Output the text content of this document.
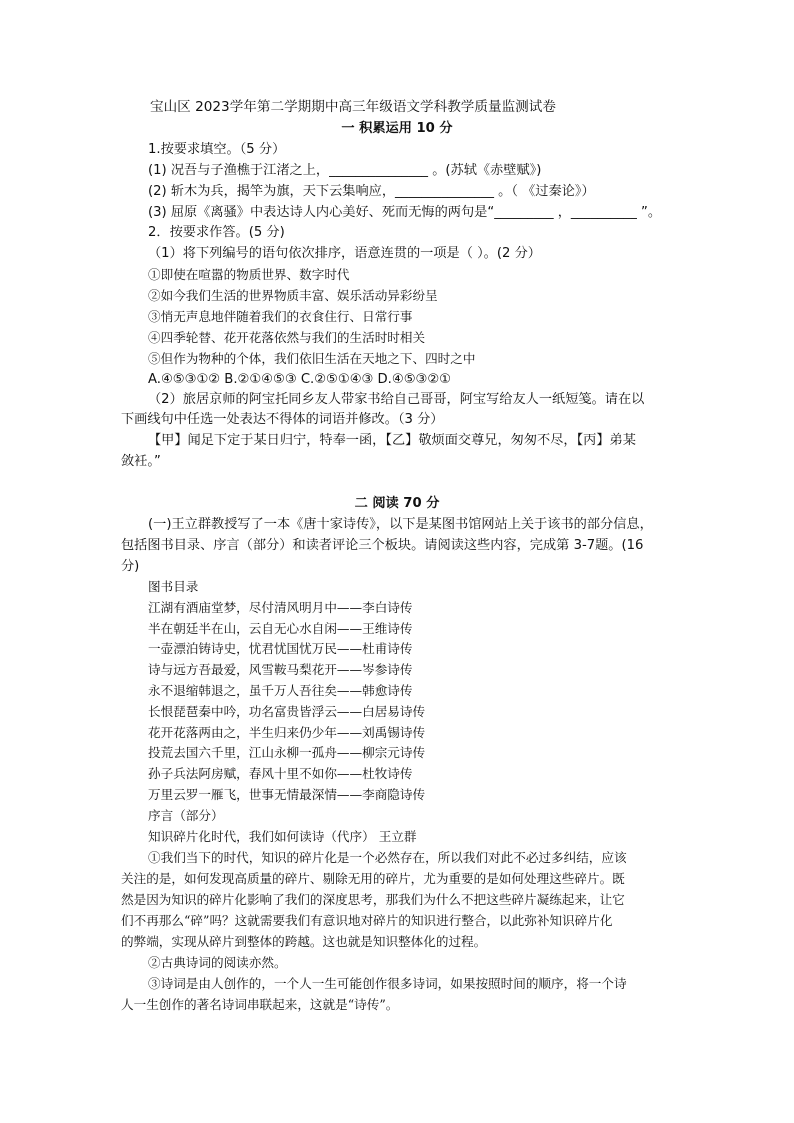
宝山区 2023学年第二学期期中高三年级语文学科教学质量监测试卷
一 积累运用 10 分
1.按要求填空。（5 分）
(1) 况吾与子渔樵于江渚之上，_______________ 。(苏轼《赤壁赋》)
(2) 斩木为兵，揭竿为旗，天下云集响应，_______________ 。（ 《过秦论》）
(3) 屈原《离骚》中表达诗人内心美好、死而无悔的两句是“_________ ，__________ ”。
2．按要求作答。(5 分)
（1）将下列编号的语句依次排序，语意连贯的一项是（ ）。(2 分）
①即使在喧嚣的物质世界、数字时代
②如今我们生活的世界物质丰富、娱乐活动异彩纷呈
③悄无声息地伴随着我们的衣食住行、日常行事
④四季轮替、花开花落依然与我们的生活时时相关
⑤但作为物种的个体，我们依旧生活在天地之下、四时之中
A.④⑤③①② B.②①④⑤③ C.②⑤①④③ D.④⑤③②①
（2）旅居京师的阿宝托同乡友人带家书给自己哥哥，阿宝写给友人一纸短笺。请在以
下画线句中任选一处表达不得体的词语并修改。（3 分）
【甲】闻足下定于某日归宁，特奉一函，【乙】敬烦面交尊兄，匆匆不尽，【丙】弟某
敛衽。”
二 阅读 70 分
(一)王立群教授写了一本《唐十家诗传》，以下是某图书馆网站上关于该书的部分信息，
包括图书目录、序言（部分）和读者评论三个板块。请阅读这些内容，完成第 3-7题。(16
分)
图书目录
江湖有酒庙堂梦，尽付清风明月中——李白诗传
半在朝廷半在山，云自无心水自闲——王维诗传
一壶漂泊铸诗史，忧君忧国忧万民——杜甫诗传
诗与远方吾最爱，风雪鞍马梨花开——岑参诗传
永不退缩韩退之，虽千万人吾往矣——韩愈诗传
长恨琵琶秦中吟，功名富贵皆浮云——白居易诗传
花开花落两由之，半生归来仍少年——刘禹锡诗传
投荒去国六千里，江山永柳一孤舟——柳宗元诗传
孙子兵法阿房赋，春风十里不如你——杜牧诗传
万里云罗一雁飞，世事无情最深情——李商隐诗传
序言（部分）
知识碎片化时代，我们如何读诗（代序） 王立群
①我们当下的时代，知识的碎片化是一个必然存在，所以我们对此不必过多纠结，应该
关注的是，如何发现高质量的碎片、剔除无用的碎片，尤为重要的是如何处理这些碎片。既
然是因为知识的碎片化影响了我们的深度思考，那我们为什么不把这些碎片凝练起来，让它
们不再那么“碎”吗？这就需要我们有意识地对碎片的知识进行整合，以此弥补知识碎片化
的弊端，实现从碎片到整体的跨越。这也就是知识整体化的过程。
②古典诗词的阅读亦然。
③诗词是由人创作的，一个人一生可能创作很多诗词，如果按照时间的顺序，将一个诗
人一生创作的著名诗词串联起来，这就是“诗传”。
